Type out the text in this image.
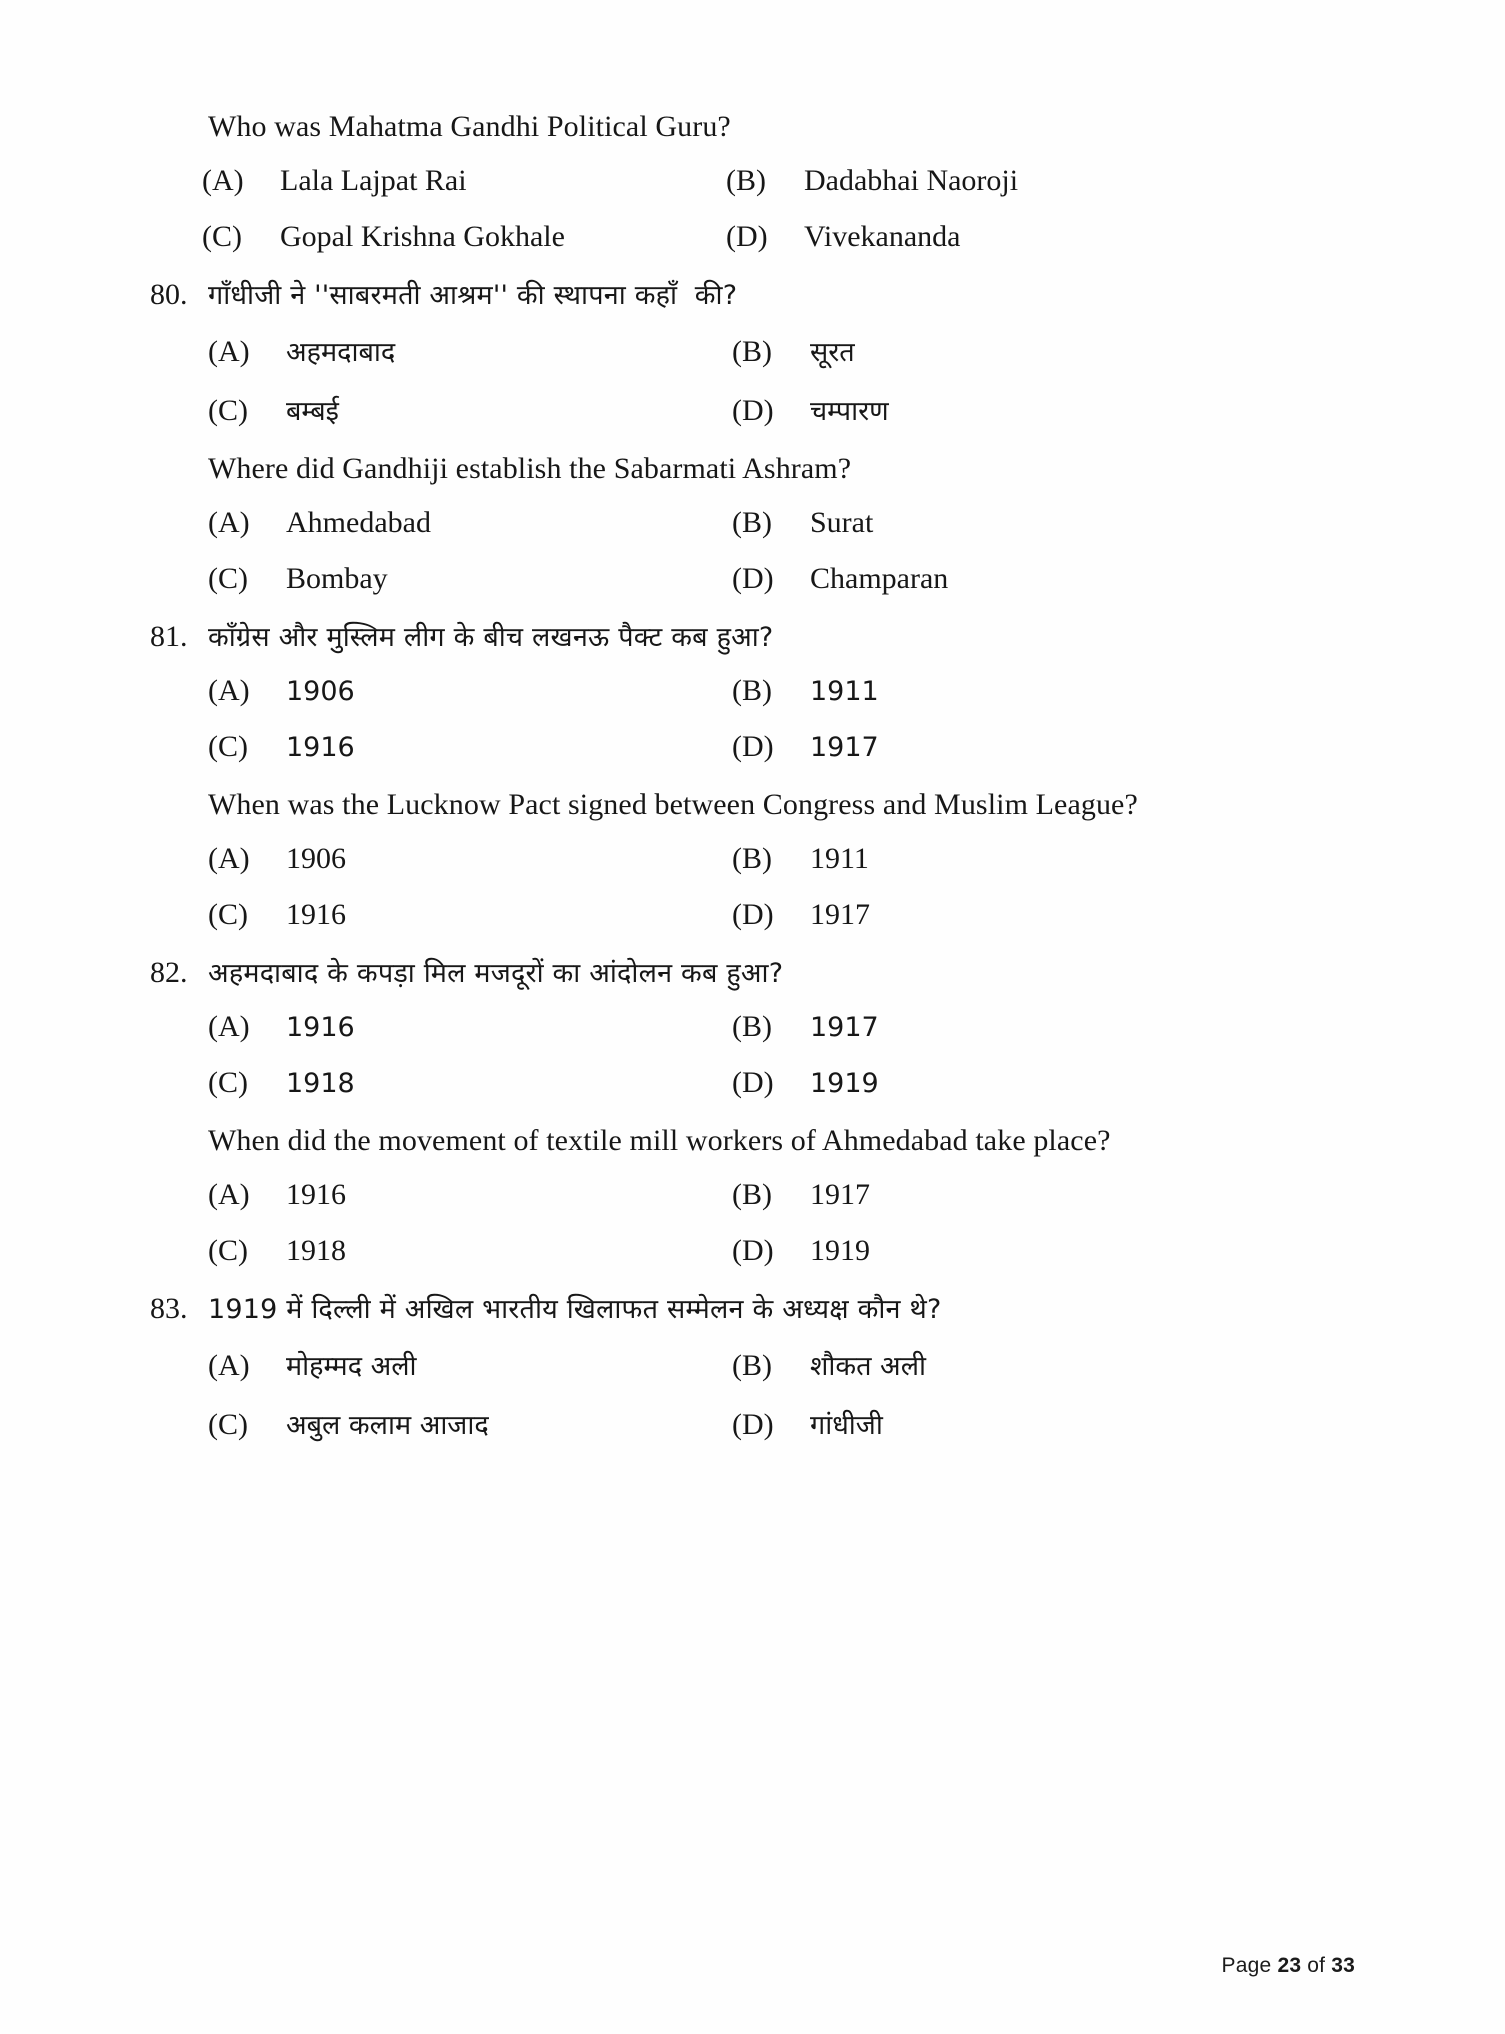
Who was Mahatma Gandhi Political Guru?
(A)	Lala Lajpat Rai	(B)	Dadabhai Naoroji
(C)	Gopal Krishna Gokhale	(D)	Vivekananda
80. गाँधीजी ने ''साबरमती आश्रम'' की स्थापना कहाँ  की?
(A)	अहमदाबाद	(B)	सूरत
(C)	बम्बई	(D)	चम्पारण
Where did Gandhiji establish the Sabarmati Ashram?
(A)	Ahmedabad	(B)	Surat
(C)	Bombay	(D)	Champaran
81. काँग्रेस और मुस्लिम लीग के बीच लखनऊ पैक्ट कब हुआ?
(A)	1906	(B)	1911
(C)	1916	(D)	1917
When was the Lucknow Pact signed between Congress and Muslim League?
(A)	1906	(B)	1911
(C)	1916	(D)	1917
82. अहमदाबाद के कपड़ा मिल मजदूरों का आंदोलन कब हुआ?
(A)	1916	(B)	1917
(C)	1918	(D)	1919
When did the movement of textile mill workers of Ahmedabad take place?
(A)	1916	(B)	1917
(C)	1918	(D)	1919
83. 1919 में दिल्ली में अखिल भारतीय खिलाफत सम्मेलन के अध्यक्ष कौन थे?
(A)	मोहम्मद अली	(B)	शौकत अली
(C)	अबुल कलाम आजाद	(D)	गांधीजी
Page 23 of 33
